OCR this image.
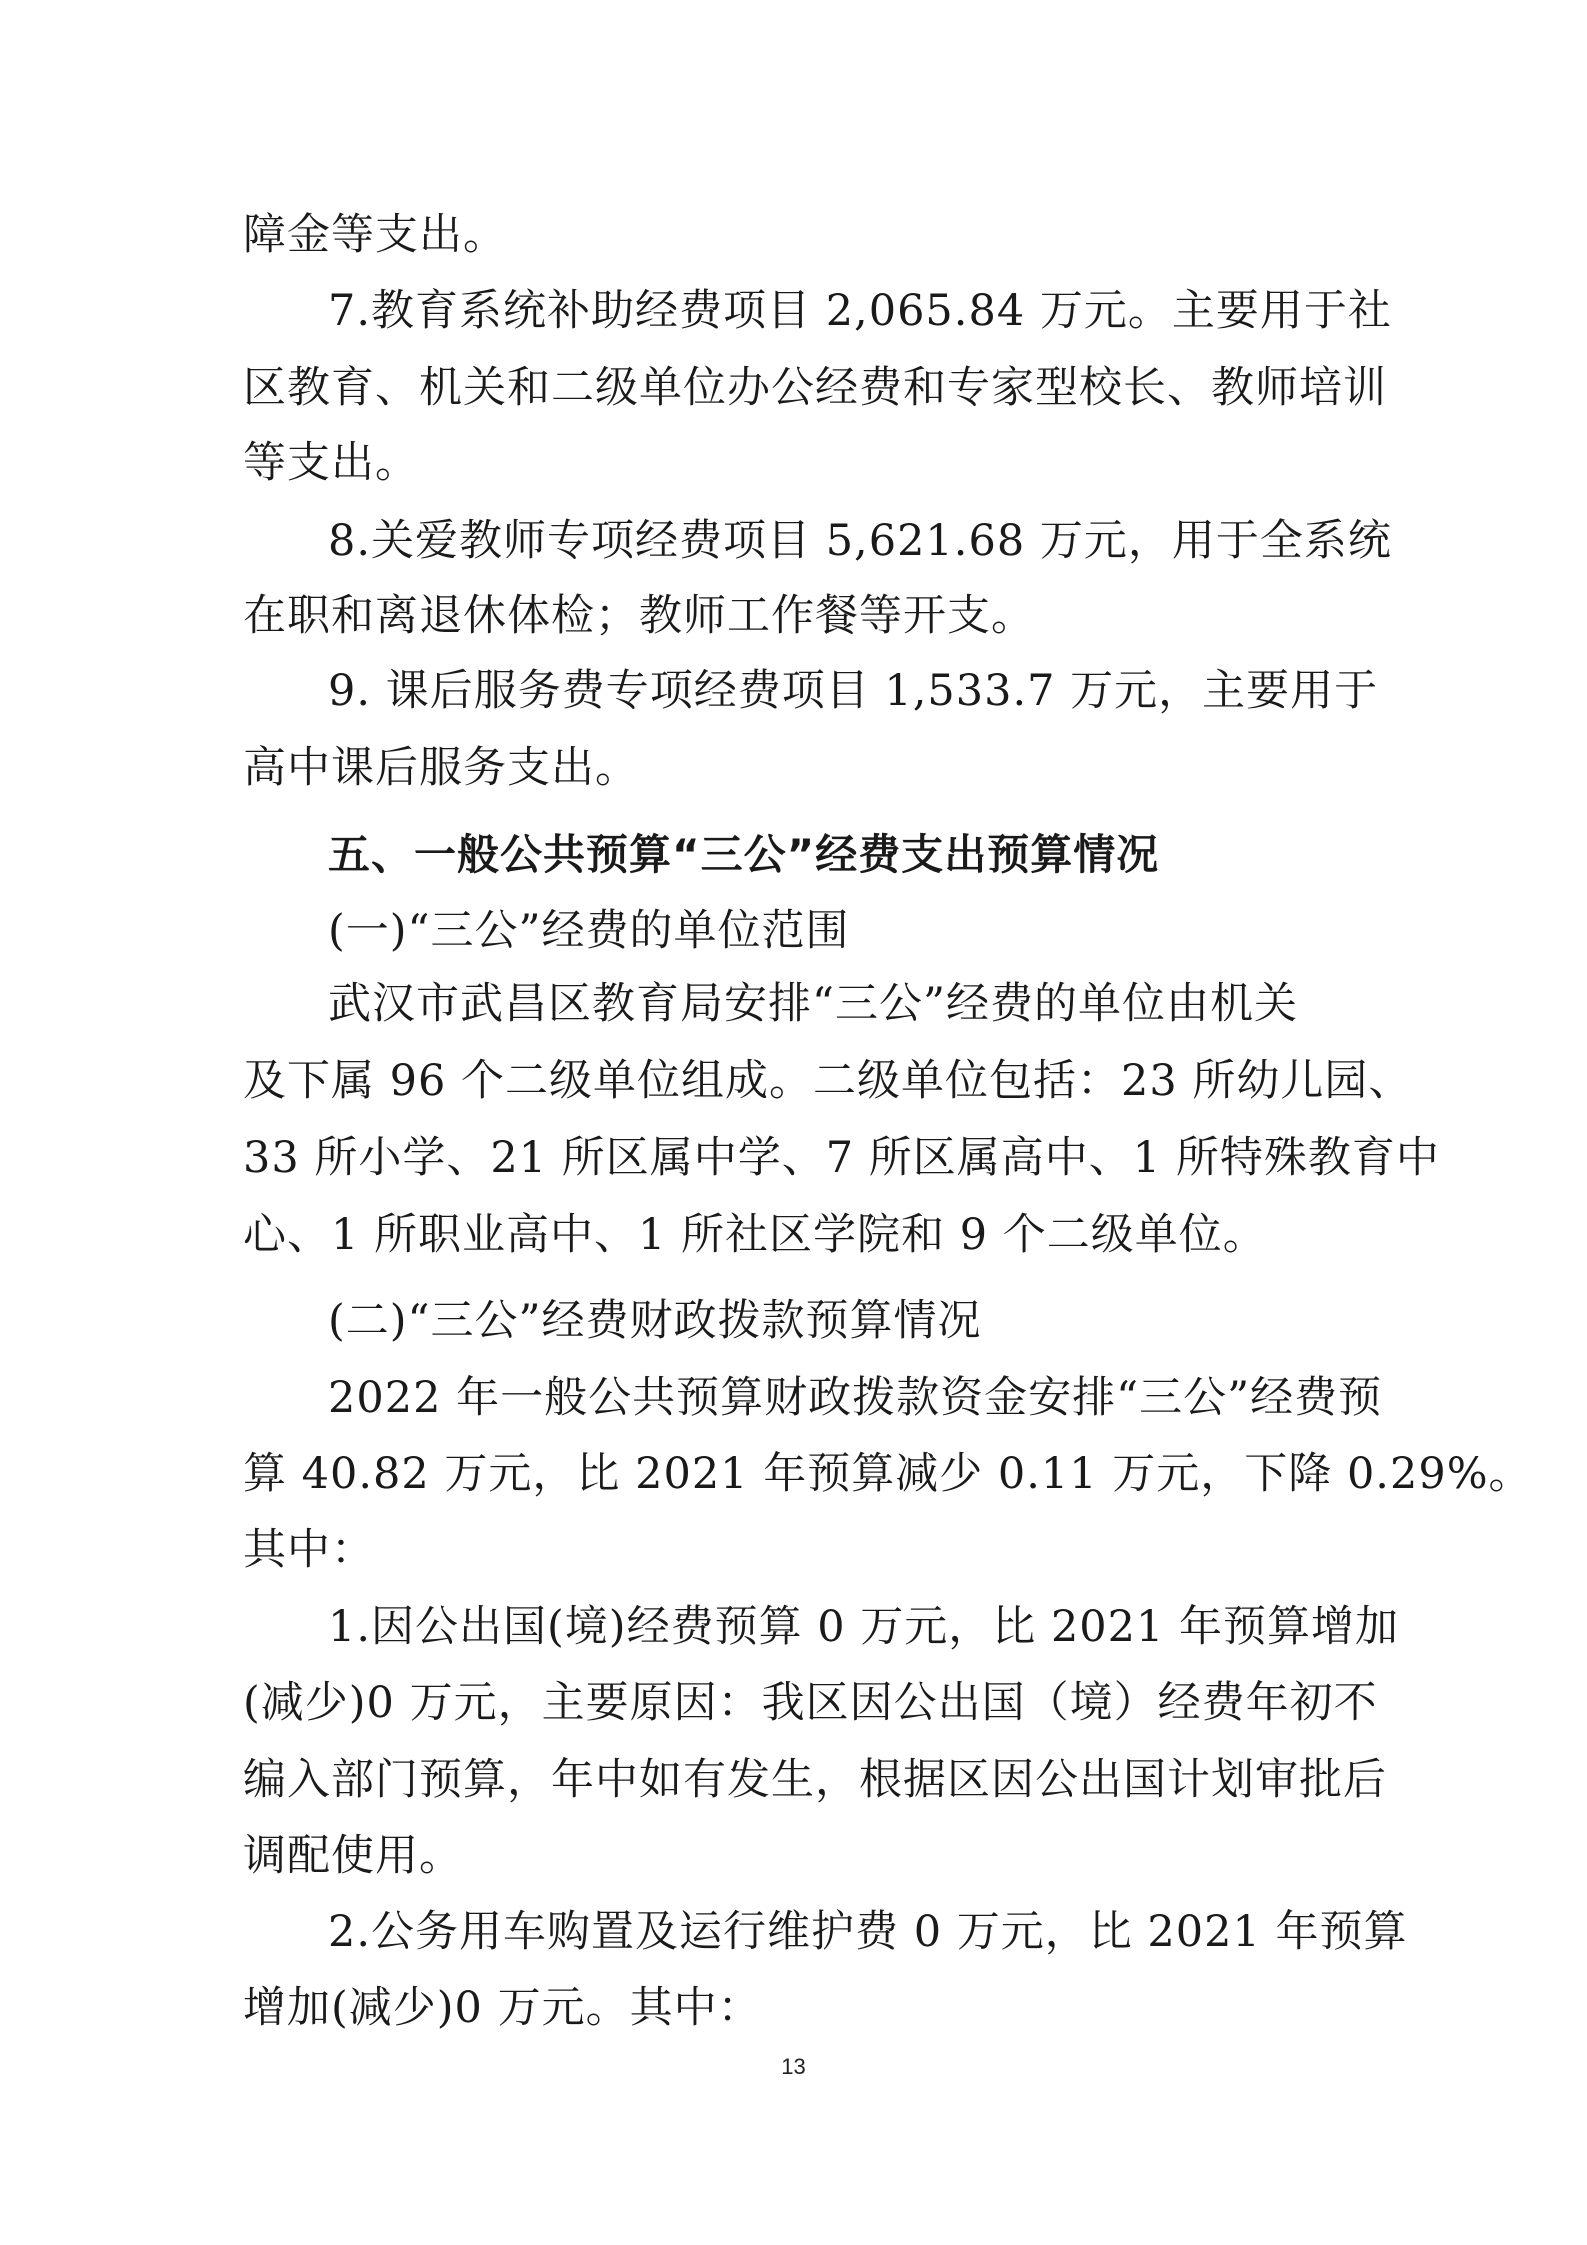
障金等支出。
7.教育系统补助经费项目 2,065.84 万元。主要用于社
区教育、机关和二级单位办公经费和专家型校长、教师培训
等支出。
8.关爱教师专项经费项目 5,621.68 万元，用于全系统
在职和离退休体检；教师工作餐等开支。
9. 课后服务费专项经费项目 1,533.7 万元，主要用于
高中课后服务支出。
五、一般公共预算“三公”经费支出预算情况
(一)“三公”经费的单位范围
武汉市武昌区教育局安排“三公”经费的单位由机关
及下属 96 个二级单位组成。二级单位包括：23 所幼儿园、
33 所小学、21 所区属中学、7 所区属高中、1 所特殊教育中
心、1 所职业高中、1 所社区学院和 9 个二级单位。
(二)“三公”经费财政拨款预算情况
2022 年一般公共预算财政拨款资金安排“三公”经费预
算 40.82 万元，比 2021 年预算减少 0.11 万元，下降 0.29%。
其中：
1.因公出国(境)经费预算 0 万元，比 2021 年预算增加
(减少)0 万元，主要原因：我区因公出国（境）经费年初不
编入部门预算，年中如有发生，根据区因公出国计划审批后
调配使用。
2.公务用车购置及运行维护费 0 万元，比 2021 年预算
增加(减少)0 万元。其中：
13
